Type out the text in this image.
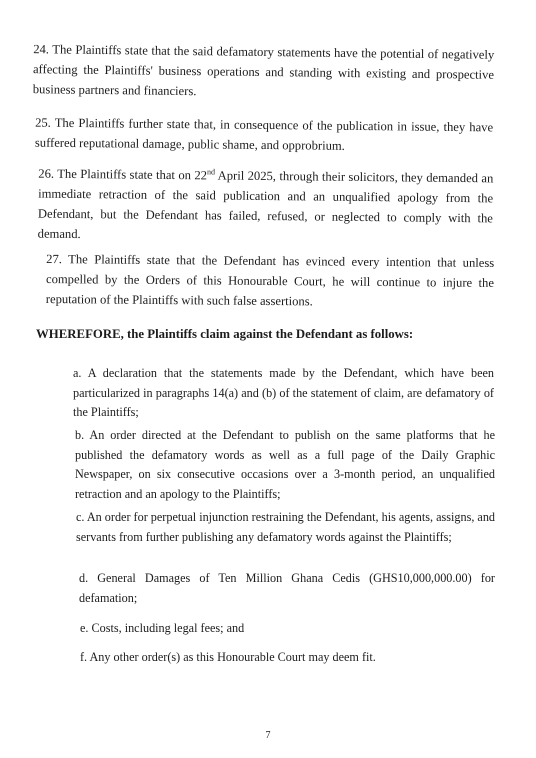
24. The Plaintiffs state that the said defamatory statements have the potential of negatively affecting the Plaintiffs' business operations and standing with existing and prospective business partners and financiers.

25. The Plaintiffs further state that, in consequence of the publication in issue, they have suffered reputational damage, public shame, and opprobrium.

26. The Plaintiffs state that on 22nd April 2025, through their solicitors, they demanded an immediate retraction of the said publication and an unqualified apology from the Defendant, but the Defendant has failed, refused, or neglected to comply with the demand.

27. The Plaintiffs state that the Defendant has evinced every intention that unless compelled by the Orders of this Honourable Court, he will continue to injure the reputation of the Plaintiffs with such false assertions.

WHEREFORE, the Plaintiffs claim against the Defendant as follows:

a. A declaration that the statements made by the Defendant, which have been particularized in paragraphs 14(a) and (b) of the statement of claim, are defamatory of the Plaintiffs;

b. An order directed at the Defendant to publish on the same platforms that he published the defamatory words as well as a full page of the Daily Graphic Newspaper, on six consecutive occasions over a 3-month period, an unqualified retraction and an apology to the Plaintiffs;

c. An order for perpetual injunction restraining the Defendant, his agents, assigns, and servants from further publishing any defamatory words against the Plaintiffs;

d. General Damages of Ten Million Ghana Cedis (GHS10,000,000.00) for defamation;

e. Costs, including legal fees; and

f. Any other order(s) as this Honourable Court may deem fit.

7
